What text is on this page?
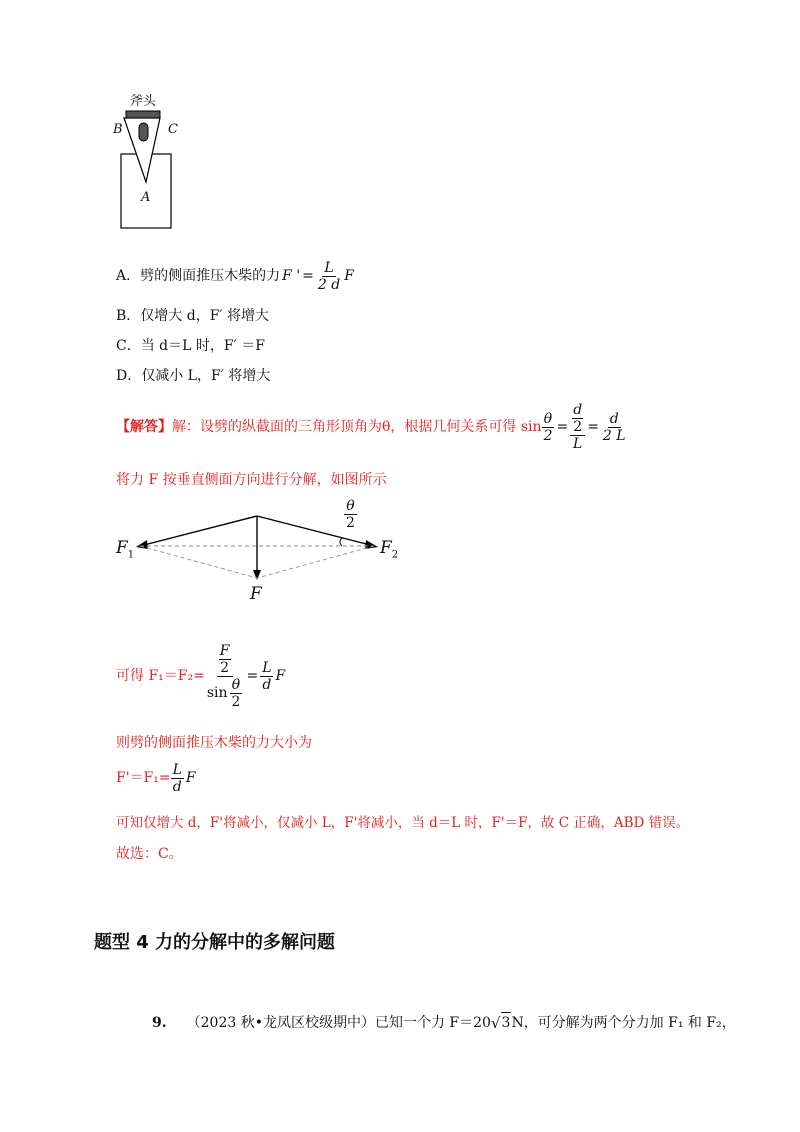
斧头
B	C
A
A．劈的侧面推压木柴的力 F ' = $\frac{L}{2 d}$ F
B．仅增大 d，F′ 将增大
C．当 d＝L 时，F′ ＝F
D．仅减小 L，F′ 将增大
【解答】 解：设劈的纵截面的三角形顶角为θ，根据几何关系可得 $\sin \frac{\theta}{2} = d$
2
$L = \frac{d}{2 L}$
将力 F 按垂直侧面方向进行分解，如图所示
$\frac{\theta}{2}$
$F_1$	$F_2$
F
可得 F₁＝F₂= F
2
$\sin \frac{\theta}{2} = \frac{L}{d}$ F
则劈的侧面推压木柴的力大小为
$F'=F_1= \frac{L}{d}$ F
可知仅增大 d，F'将减小，仅减小 L，F'将减小，当 d＝L 时，F'＝F，故 C 正确，ABD 错误。
故选：C。
题型 4 力的分解中的多解问题
9. （2023 秋•龙凤区校级期中）已知一个力 F＝20 √ 3 N，可分解为两个分力加 F₁ 和 F₂，
